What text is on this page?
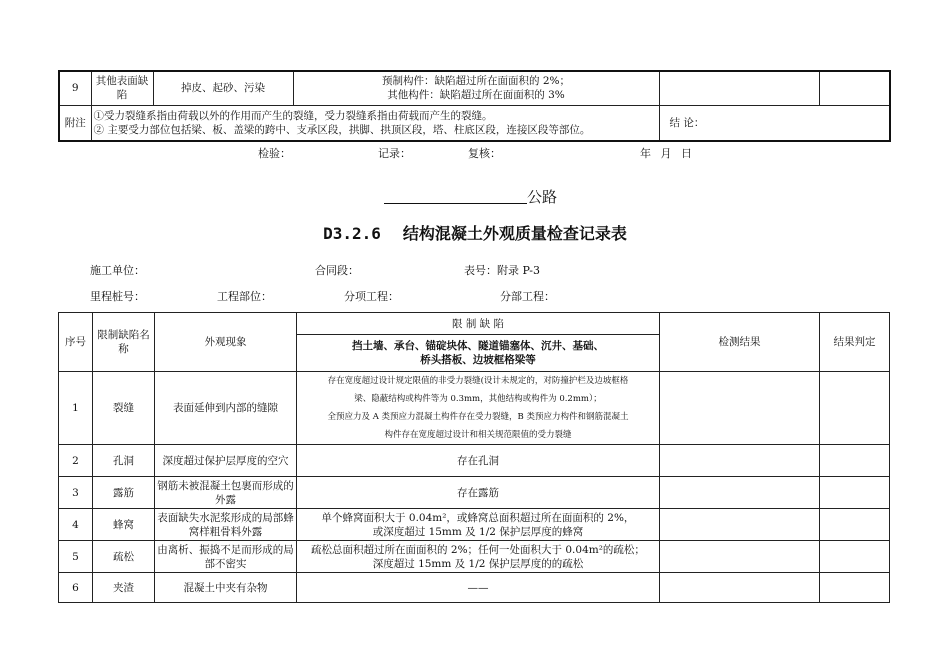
9	其他表面缺陷	掉皮、起砂、污染	预制构件：缺陷超过所在面面积的 2%；
其他构件：缺陷超过所在面面积的 3%		

附注	①受力裂缝系指由荷载以外的作用而产生的裂缝，受力裂缝系指由荷载而产生的裂缝。
② 主要受力部位包括梁、板、盖梁的跨中、支承区段，拱脚、拱顶区段，塔、柱底区段，连接区段等部位。			结 论：	
检验：	记录：	复核：	年 月 日
公路
D3.2.6 结构混凝土外观质量检查记录表
施工单位：	合同段：	表号：附录 P-3
里程桩号：	工程部位：	分项工程：	分部工程：
序号	限制缺陷名称	外观现象	限 制 缺 陷	检测结果	结果判定

			挡土墙、承台、锚碇块体、隧道锚塞体、沉井、基础、
桥头搭板、边坡框格梁等		

1	裂缝	表面延伸到内部的缝隙	存在宽度超过设计规定限值的非受力裂缝(设计未规定的，对防撞护栏及边坡框格
梁、隐蔽结构或构件等为 0.3mm，其他结构或构件为 0.2mm）；
全预应力及 A 类预应力混凝土构件存在受力裂缝，B 类预应力构件和钢筋混凝土
构件存在宽度超过设计和相关规范限值的受力裂缝		

2	孔洞	深度超过保护层厚度的空穴	存在孔洞		
3	露筋	钢筋未被混凝土包裹而形成的外露	存在露筋		
4	蜂窝	表面缺失水泥浆形成的局部蜂窝样粗骨料外露	单个蜂窝面积大于 0.04m²，或蜂窝总面积超过所在面面积的 2%，
或深度超过 15mm 及 1/2 保护层厚度的蜂窝		

5	疏松	由离析、振捣不足而形成的局部不密实	疏松总面积超过所在面面积的 2%；任何一处面积大于 0.04m²的疏松；
深度超过 15mm 及 1/2 保护层厚度的的疏松		

6	夹渣	混凝土中夹有杂物	——		
